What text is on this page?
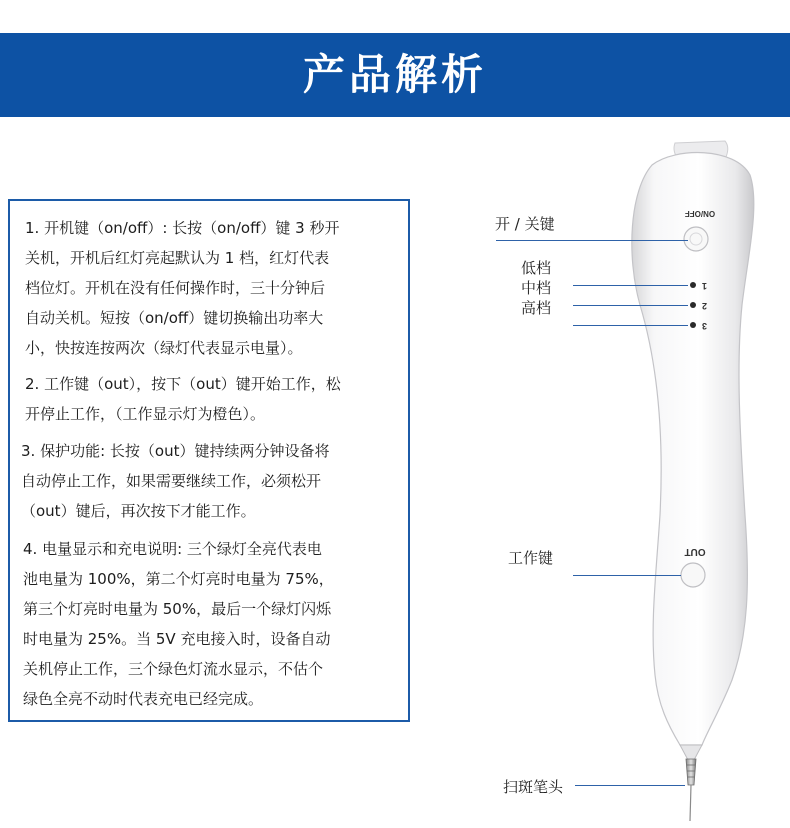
产品解析

1. 开机键（on/off）: 长按（on/off）键 3 秒开
关机，开机后红灯亮起默认为 1 档，红灯代表
档位灯。开机在没有任何操作时，三十分钟后
自动关机。短按（on/off）键切换输出功率大
小，快按连按两次（绿灯代表显示电量）。

2. 工作键（out），按下（out）键开始工作，松
开停止工作，（工作显示灯为橙色）。

3. 保护功能: 长按（out）键持续两分钟设备将
自动停止工作，如果需要继续工作，必须松开
（out）键后，再次按下才能工作。

4. 电量显示和充电说明: 三个绿灯全亮代表电
池电量为 100%，第二个灯亮时电量为 75%，
第三个灯亮时电量为 50%，最后一个绿灯闪烁
时电量为 25%。当 5V 充电接入时，设备自动
关机停止工作，三个绿色灯流水显示，不估个
绿色全亮不动时代表充电已经完成。

ON/OFF
1
2
3
OUT
开 / 关键
低档
中档
高档
工作键
扫斑笔头
